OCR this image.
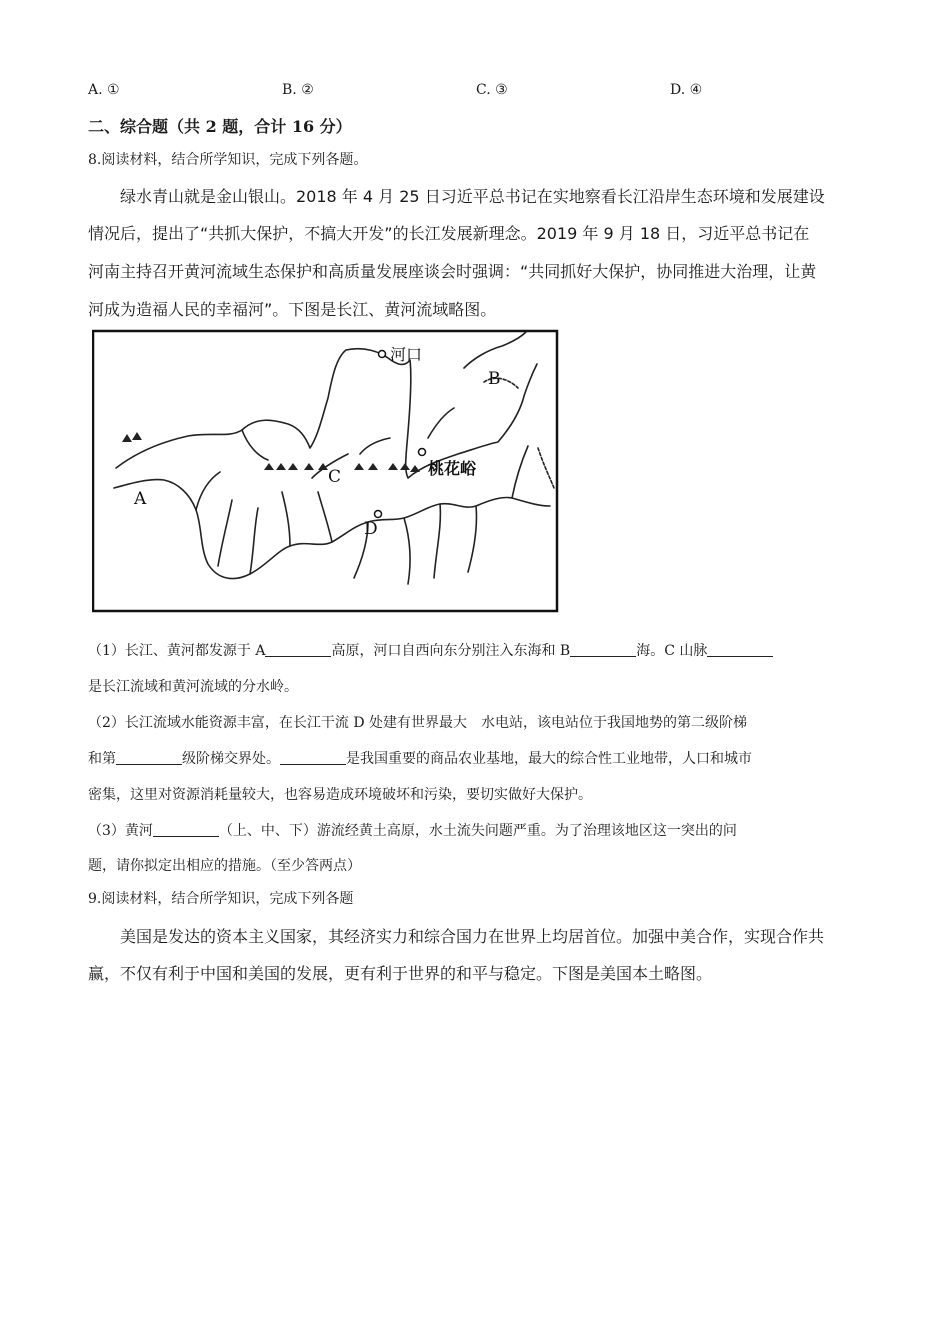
A. ①	B. ②	C. ③	D. ④
二、综合题（共 2 题，合计 16 分）
8.阅读材料，结合所学知识，完成下列各题。
绿水青山就是金山银山。2018 年 4 月 25 日习近平总书记在实地察看长江沿岸生态环境和发展建设
情况后，提出了“共抓大保护，不搞大开发”的长江发展新理念。2019 年 9 月 18 日，习近平总书记在
河南主持召开黄河流域生态保护和高质量发展座谈会时强调：“共同抓好大保护，协同推进大治理，让黄
河成为造福人民的幸福河”。下图是长江、黄河流域略图。
河口
B
A
C
D
桃花峪
（1）长江、黄河都发源于 A	高原，河口自西向东分别注入东海和 B	海。C 山脉
是长江流域和黄河流域的分水岭。
（2）长江流域水能资源丰富，在长江干流 D 处建有世界最大　水电站，该电站位于我国地势的第二级阶梯
和第	级阶梯交界处。	是我国重要的商品农业基地，最大的综合性工业地带，人口和城市
密集，这里对资源消耗量较大，也容易造成环境破坏和污染，要切实做好大保护。
（3）黄河	（上、中、下）游流经黄土高原，水土流失问题严重。为了治理该地区这一突出的问
题，请你拟定出相应的措施。（至少答两点）
9.阅读材料，结合所学知识，完成下列各题
美国是发达的资本主义国家，其经济实力和综合国力在世界上均居首位。加强中美合作，实现合作共
赢，不仅有利于中国和美国的发展，更有利于世界的和平与稳定。下图是美国本土略图。
